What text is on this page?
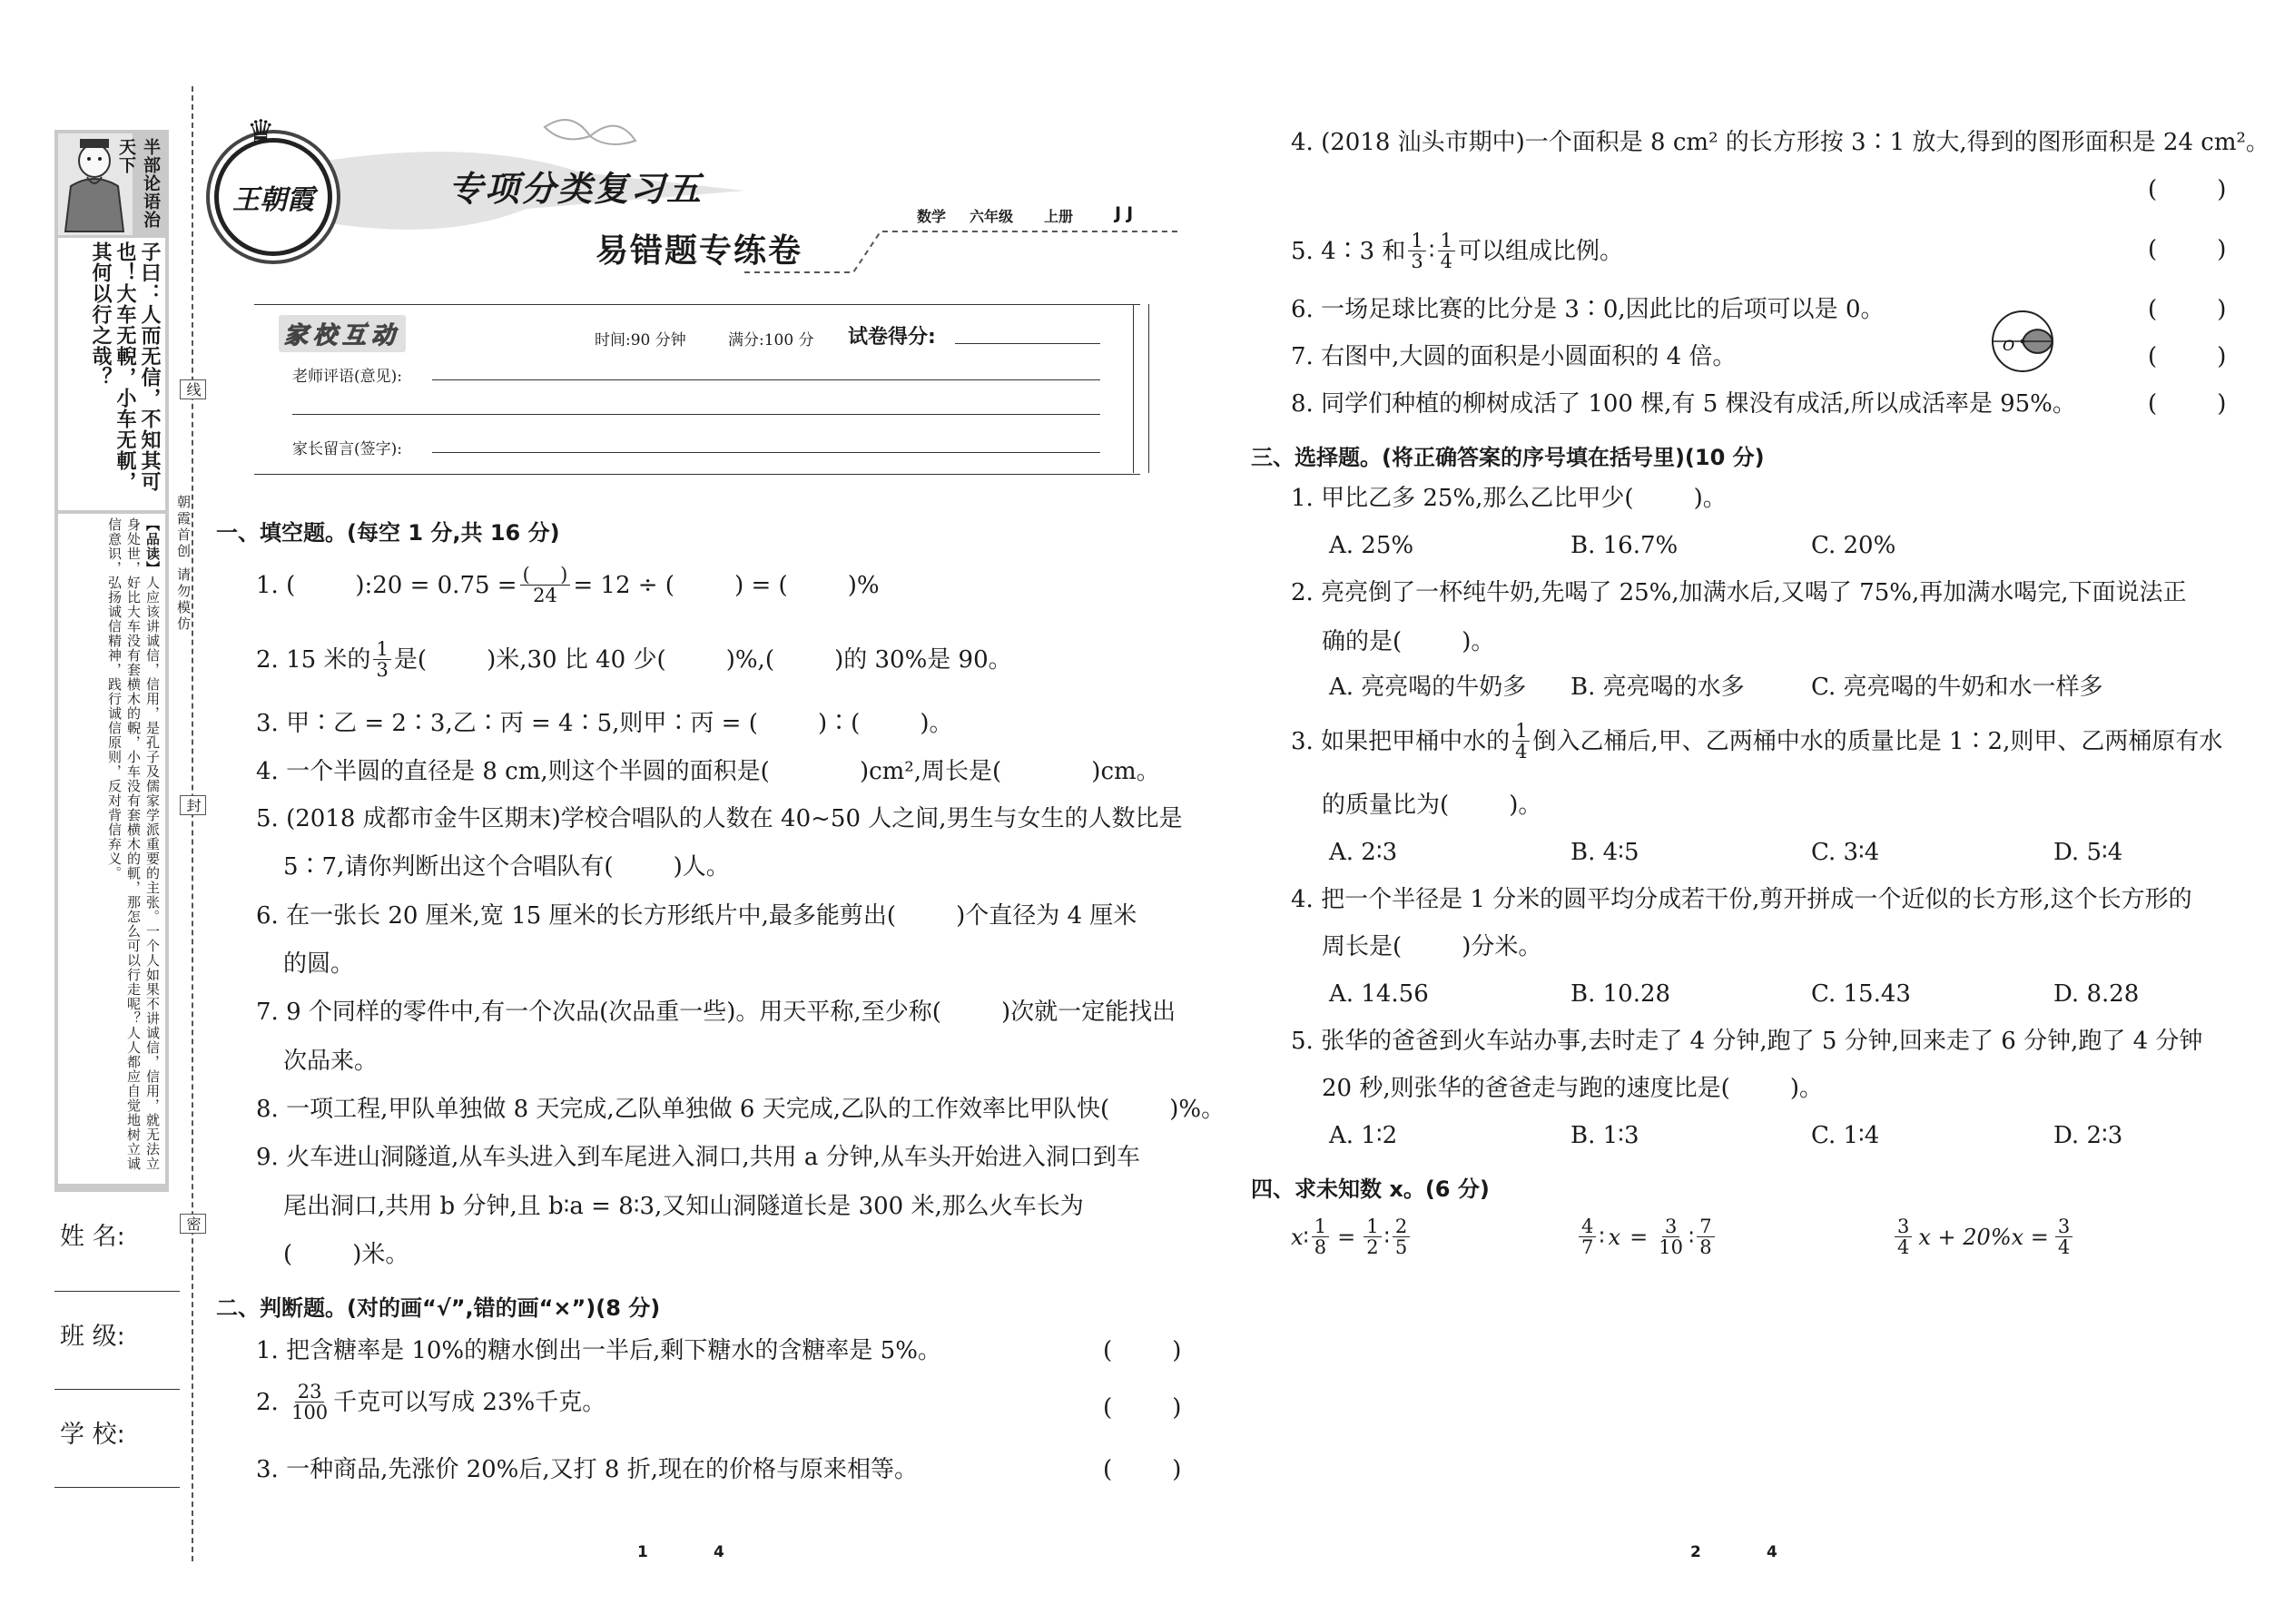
半部论语治
子曰：人而无信，不知其可也！大车无輗，小车无軏，其何以行之哉？
【品读】人应该讲诚信，信用，是孔子及儒家学派重要的主张。一个人如果不讲诚信，信用，就无法立身处世，好比大车没有套横木的輗，小车没有套横木的軏，那怎么可以行走呢？人人都应自觉地树立诚信意识，弘扬诚信精神，践行诚信原则，反对背信弃义。
姓 名:
班 级:
学 校:
线
封
密
朝霞首创 请勿模仿
王朝霞
♛
专项分类复习五
易错题专练卷
数学 六年级 上册 JJ
家校互动	时间:90 分钟	满分:100 分 试卷得分:
老师评语(意见):
家长留言(签字):
一、填空题。(每空 1 分,共 16 分)
1.
(        ):20 = $0.75 = \frac{( )}{24} = 12$ ÷ (        ) = (        )%
2.
15 米的 $\frac{1}{3}$ 是(        )米,30 比 40 少(        )%,(        )的 30%是 90。
3. 甲∶乙 = 2∶3,乙∶丙 = 4∶5,则甲∶丙 = (        )∶(        )。
4. 一个半圆的直径是 8 cm,则这个半圆的面积是(            )cm²,周长是(            )cm。
5. (2018 成都市金牛区期末)学校合唱队的人数在 40~50 人之间,男生与女生的人数比是
5∶7,请你判断出这个合唱队有(        )人。
6. 在一张长 20 厘米,宽 15 厘米的长方形纸片中,最多能剪出(        )个直径为 4 厘米
的圆。
7. 9 个同样的零件中,有一个次品(次品重一些)。用天平称,至少称(        )次就一定能找出
次品来。
8. 一项工程,甲队单独做 8 天完成,乙队单独做 6 天完成,乙队的工作效率比甲队快(        )%。
9. 火车进山洞隧道,从车头进入到车尾进入洞口,共用 a 分钟,从车头开始进入洞口到车
尾出洞口,共用 b 分钟,且 b∶a = 8∶3,又知山洞隧道长是 300 米,那么火车长为
(        )米。
二、判断题。(对的画“√”,错的画“×”)(8 分)
1. 把含糖率是 10%的糖水倒出一半后,剩下糖水的含糖率是 5%。	(        )
2.
$\frac{23}{100}$ 千克可以写成 23%千克。	(        )
3. 一种商品,先涨价 20%后,又打 8 折,现在的价格与原来相等。	(        )
4. (2018 汕头市期中)一个面积是 8 cm² 的长方形按 3∶1 放大,得到的图形面积是 24 cm²。
(        )
5. 4∶3 和 $\frac{1}{3}$ ∶ $\frac{1}{4}$ 可以组成比例。	(        )
6. 一场足球比赛的比分是 3∶0,因此比的后项可以是 0。	(        )
O
7. 右图中,大圆的面积是小圆面积的 4 倍。	(        )
8. 同学们种植的柳树成活了 100 棵,有 5 棵没有成活,所以成活率是 95%。	(        )
三、选择题。(将正确答案的序号填在括号里)(10 分)
1. 甲比乙多 25%,那么乙比甲少(        )。
A. 25%	B. 16.7%	C. 20%
2. 亮亮倒了一杯纯牛奶,先喝了 25%,加满水后,又喝了 75%,再加满水喝完,下面说法正
确的是(        )。
A. 亮亮喝的牛奶多 B. 亮亮喝的水多	C. 亮亮喝的牛奶和水一样多
3. 如果把甲桶中水的 $\frac{1}{4}$ 倒入乙桶后,甲、乙两桶中水的质量比是 1∶2,则甲、乙两桶原有水
的质量比为(        )。
A. 2∶3	B. 4∶5	C. 3∶4	D. 5∶4
4. 把一个半径是 1 分米的圆平均分成若干份,剪开拼成一个近似的长方形,这个长方形的
周长是(        )分米。
A. 14.56	B. 10.28	C. 15.43	D. 8.28
5. 张华的爸爸到火车站办事,去时走了 4 分钟,跑了 5 分钟,回来走了 6 分钟,跑了 4 分钟
20 秒,则张华的爸爸走与跑的速度比是(        )。
A. 1∶2	B. 1∶3	C. 1∶4	D. 2∶3
四、求未知数 x。(6 分)
x ∶ $\frac{1}{8} = \frac{1}{2}$ ∶ $\frac{2}{5}$	$\frac{4}{7}$ ∶ $x = \frac{3}{10}$ ∶ $\frac{7}{8}$	$\frac{3}{4}$ $x + 20\%x = \frac{3}{4}$
1	4	2	4
